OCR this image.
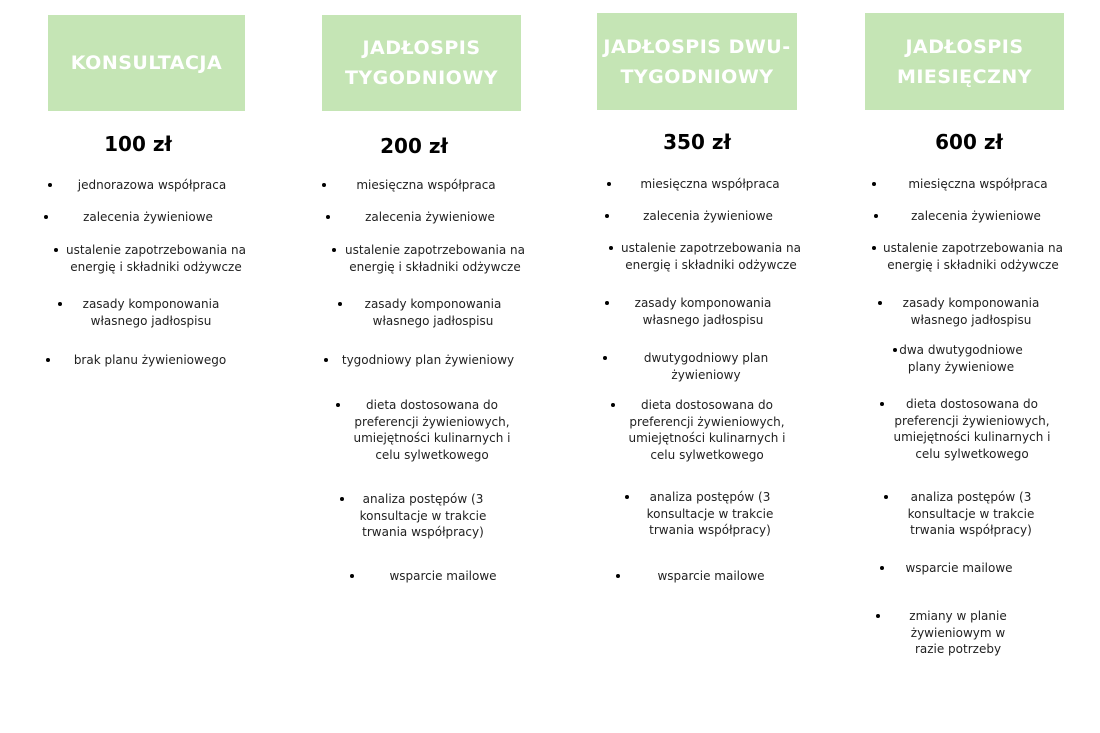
KONSULTACJA
100 zł
jednorazowa współpraca
zalecenia żywieniowe
ustalenie zapotrzebowania na energię i składniki odżywcze
zasady komponowania własnego jadłospisu
brak planu żywieniowego
JADŁOSPIS TYGODNIOWY
200 zł
miesięczna współpraca
zalecenia żywieniowe
ustalenie zapotrzebowania na energię i składniki odżywcze
zasady komponowania własnego jadłospisu
tygodniowy plan żywieniowy
dieta dostosowana do preferencji żywieniowych, umiejętności kulinarnych i celu sylwetkowego
analiza postępów (3 konsultacje w trakcie trwania współpracy)
wsparcie mailowe
JADŁOSPIS DWU-TYGODNIOWY
350 zł
miesięczna współpraca
zalecenia żywieniowe
ustalenie zapotrzebowania na energię i składniki odżywcze
zasady komponowania własnego jadłospisu
dwutygodniowy plan żywieniowy
dieta dostosowana do preferencji żywieniowych, umiejętności kulinarnych i celu sylwetkowego
analiza postępów (3 konsultacje w trakcie trwania współpracy)
wsparcie mailowe
JADŁOSPIS MIESIĘCZNY
600 zł
miesięczna współpraca
zalecenia żywieniowe
ustalenie zapotrzebowania na energię i składniki odżywcze
zasady komponowania własnego jadłospisu
dwa dwutygodniowe plany żywieniowe
dieta dostosowana do preferencji żywieniowych, umiejętności kulinarnych i celu sylwetkowego
analiza postępów (3 konsultacje w trakcie trwania współpracy)
wsparcie mailowe
zmiany w planie żywieniowym w razie potrzeby
